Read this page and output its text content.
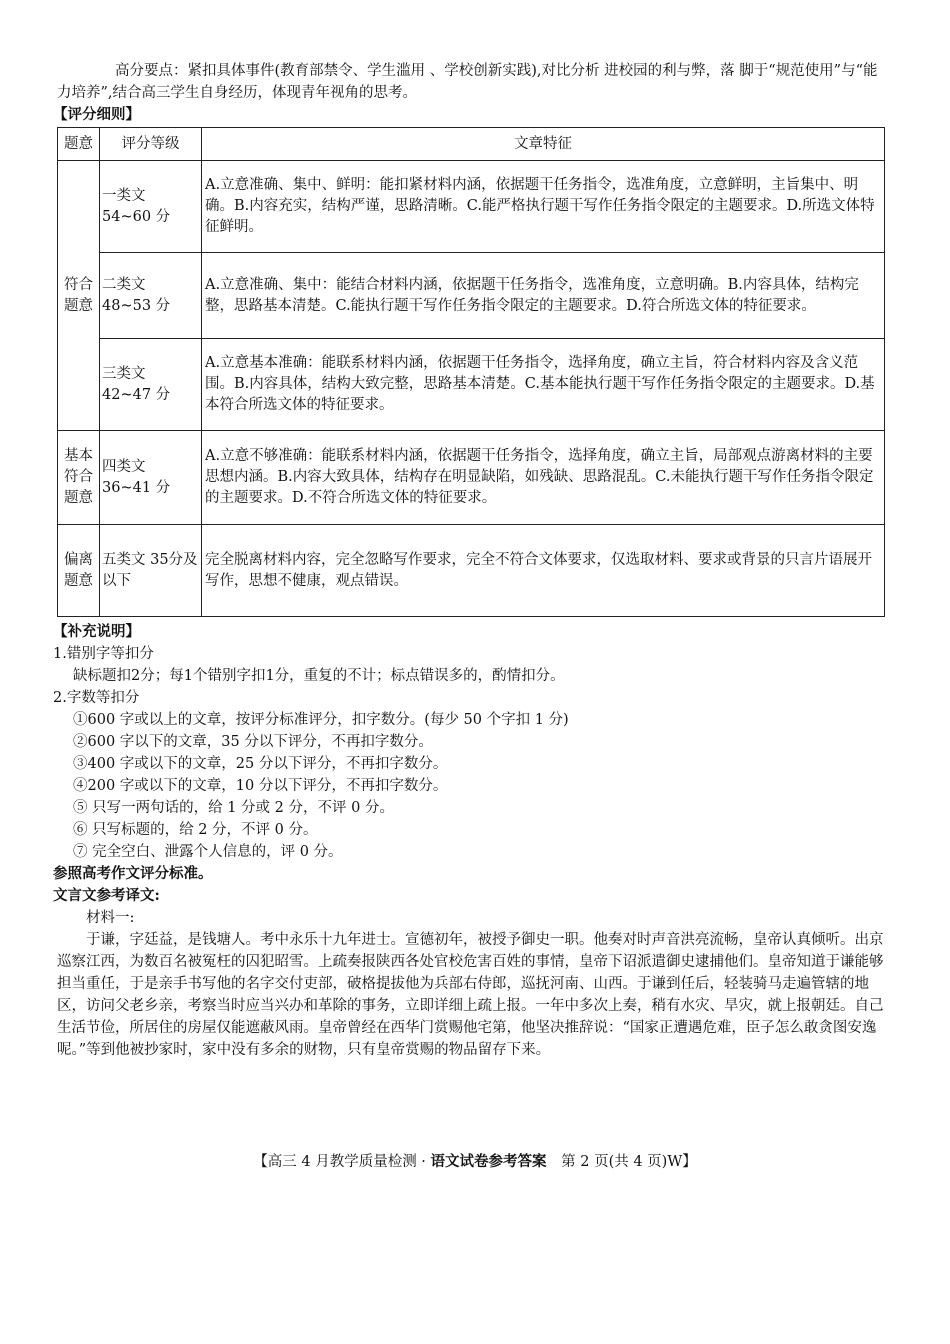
高分要点：紧扣具体事件(教育部禁令、学生滥用 、学校创新实践),对比分析 进校园的利与弊，落 脚于“规范使用”与“能力培养”,结合高三学生自身经历，体现青年视角的思考。

【评分细则】

题意	评分等级	文章特征
符合题意	一类文 54~60 分	A.立意准确、集中、鲜明：能扣紧材料内涵，依据题干任务指令，选准角度，立意鲜明，主旨集中、明确。B.内容充实，结构严谨，思路清晰。C.能严格执行题干写作任务指令限定的主题要求。D.所选文体特征鲜明。
	二类文 48~53 分	A.立意准确、集中：能结合材料内涵，依据题干任务指令，选准角度，立意明确。B.内容具体，结构完整，思路基本清楚。C.能执行题干写作任务指令限定的主题要求。D.符合所选文体的特征要求。
	三类文 42~47 分	A.立意基本准确：能联系材料内涵，依据题干任务指令，选择角度，确立主旨，符合材料内容及含义范围。B.内容具体，结构大致完整，思路基本清楚。C.基本能执行题干写作任务指令限定的主题要求。D.基本符合所选文体的特征要求。
基本符合题意	四类文 36~41 分	A.立意不够准确：能联系材料内涵，依据题干任务指令，选择角度，确立主旨，局部观点游离材料的主要思想内涵。B.内容大致具体，结构存在明显缺陷，如残缺、思路混乱。C.未能执行题干写作任务指令限定的主题要求。D.不符合所选文体的特征要求。
偏离题意	五类文 35分及以下	完全脱离材料内容，完全忽略写作要求，完全不符合文体要求，仅选取材料、要求或背景的只言片语展开写作，思想不健康，观点错误。

【补充说明】

1.错别字等扣分

缺标题扣2分；每1个错别字扣1分，重复的不计；标点错误多的，酌情扣分。

2.字数等扣分

①600 字或以上的文章，按评分标准评分，扣字数分。(每少 50 个字扣 1 分)

②600 字以下的文章，35 分以下评分，不再扣字数分。

③400 字或以下的文章，25 分以下评分，不再扣字数分。

④200 字或以下的文章，10 分以下评分，不再扣字数分。

⑤ 只写一两句话的，给 1 分或 2 分，不评 0 分。

⑥ 只写标题的，给 2 分，不评 0 分。

⑦ 完全空白、泄露个人信息的，评 0 分。

参照高考作文评分标准。

文言文参考译文:

材料一:

于谦，字廷益，是钱塘人。考中永乐十九年进士。宣德初年，被授予御史一职。他奏对时声音洪亮流畅，皇帝认真倾听。出京巡察江西，为数百名被冤枉的囚犯昭雪。上疏奏报陕西各处官校危害百姓的事情，皇帝下诏派遣御史逮捕他们。皇帝知道于谦能够担当重任，于是亲手书写他的名字交付吏部，破格提拔他为兵部右侍郎，巡抚河南、山西。于谦到任后，轻装骑马走遍管辖的地区，访问父老乡亲，考察当时应当兴办和革除的事务，立即详细上疏上报。一年中多次上奏，稍有水灾、旱灾，就上报朝廷。自己生活节俭，所居住的房屋仅能遮蔽风雨。皇帝曾经在西华门赏赐他宅第，他坚决推辞说：“国家正遭遇危难，臣子怎么敢贪图安逸呢。”等到他被抄家时，家中没有多余的财物，只有皇帝赏赐的物品留存下来。

【高三 4 月教学质量检测 · 语文试卷参考答案 第 2 页(共 4 页)W】
